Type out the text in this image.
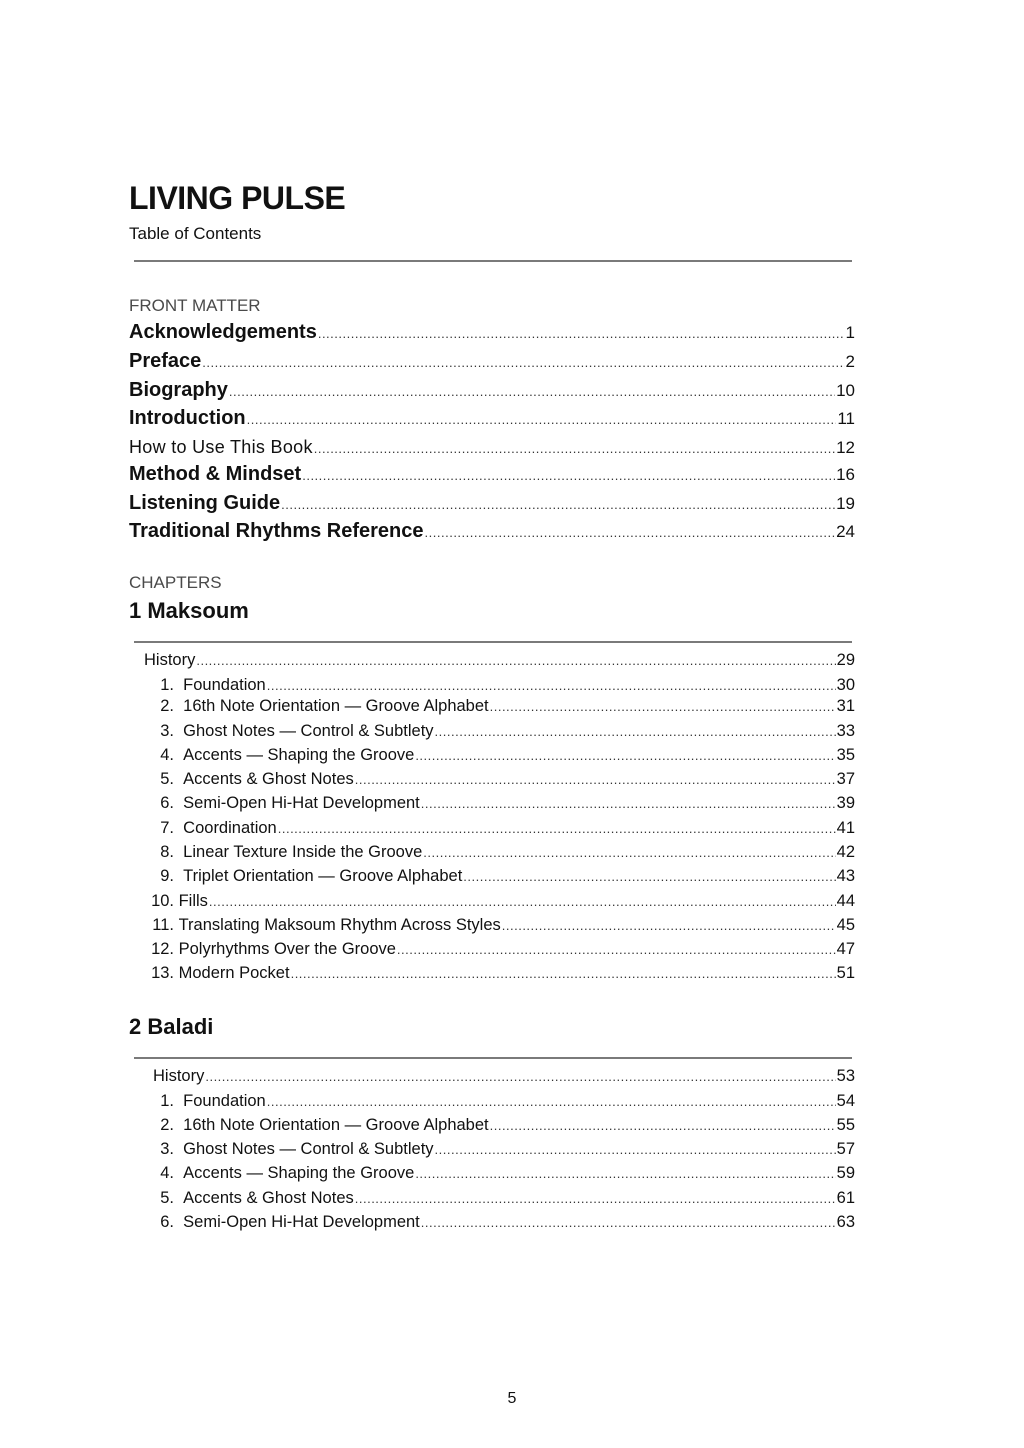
LIVING PULSE
Table of Contents
FRONT MATTER
Acknowledgements .....	1
Preface .....	2
Biography .....	10
Introduction .....	11
How to Use This Book .....	12
Method & Mindset .....	16
Listening Guide .....	19
Traditional Rhythms Reference .....	24
CHAPTERS
1 Maksoum
History .....	29
1. Foundation .....	30
2. 16th Note Orientation — Groove Alphabet .....	31
3. Ghost Notes — Control & Subtlety .....	33
4. Accents — Shaping the Groove .....	35
5. Accents & Ghost Notes .....	37
6. Semi-Open Hi-Hat Development .....	39
7. Coordination .....	41
8. Linear Texture Inside the Groove .....	42
9. Triplet Orientation — Groove Alphabet .....	43
10. Fills .....	44
11. Translating Maksoum Rhythm Across Styles .....	45
12. Polyrhythms Over the Groove .....	47
13. Modern Pocket .....	51
2 Baladi
History .....	53
1. Foundation .....	54
2. 16th Note Orientation — Groove Alphabet .....	55
3. Ghost Notes — Control & Subtlety .....	57
4. Accents — Shaping the Groove .....	59
5. Accents & Ghost Notes .....	61
6. Semi-Open Hi-Hat Development .....	63
5
